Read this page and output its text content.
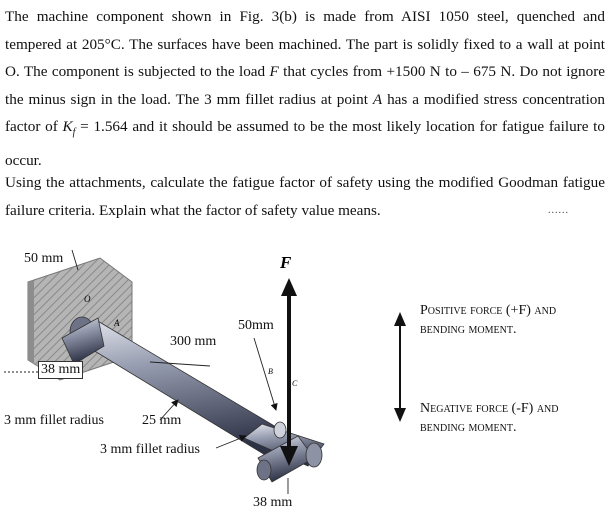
The machine component shown in Fig. 3(b) is made from AISI 1050 steel, quenched and tempered at 205°C. The surfaces have been machined. The part is solidly fixed to a wall at point O. The component is subjected to the load F that cycles from +1500 N to – 675 N. Do not ignore the minus sign in the load. The 3 mm fillet radius at point A has a modified stress concentration factor of $K_f = 1.564$ and it should be assumed to be the most likely location for fatigue failure to occur.

Using the attachments, calculate the fatigue factor of safety using the modified Goodman fatigue failure criteria. Explain what the factor of safety value means.	......
O
A
F
B
C
50 mm
50mm
300 mm
38 mm
3 mm fillet radius	25 mm
3 mm fillet radius
38 mm
Positive force (+F) and
bending moment.
Negative force (-F) and
bending moment.
